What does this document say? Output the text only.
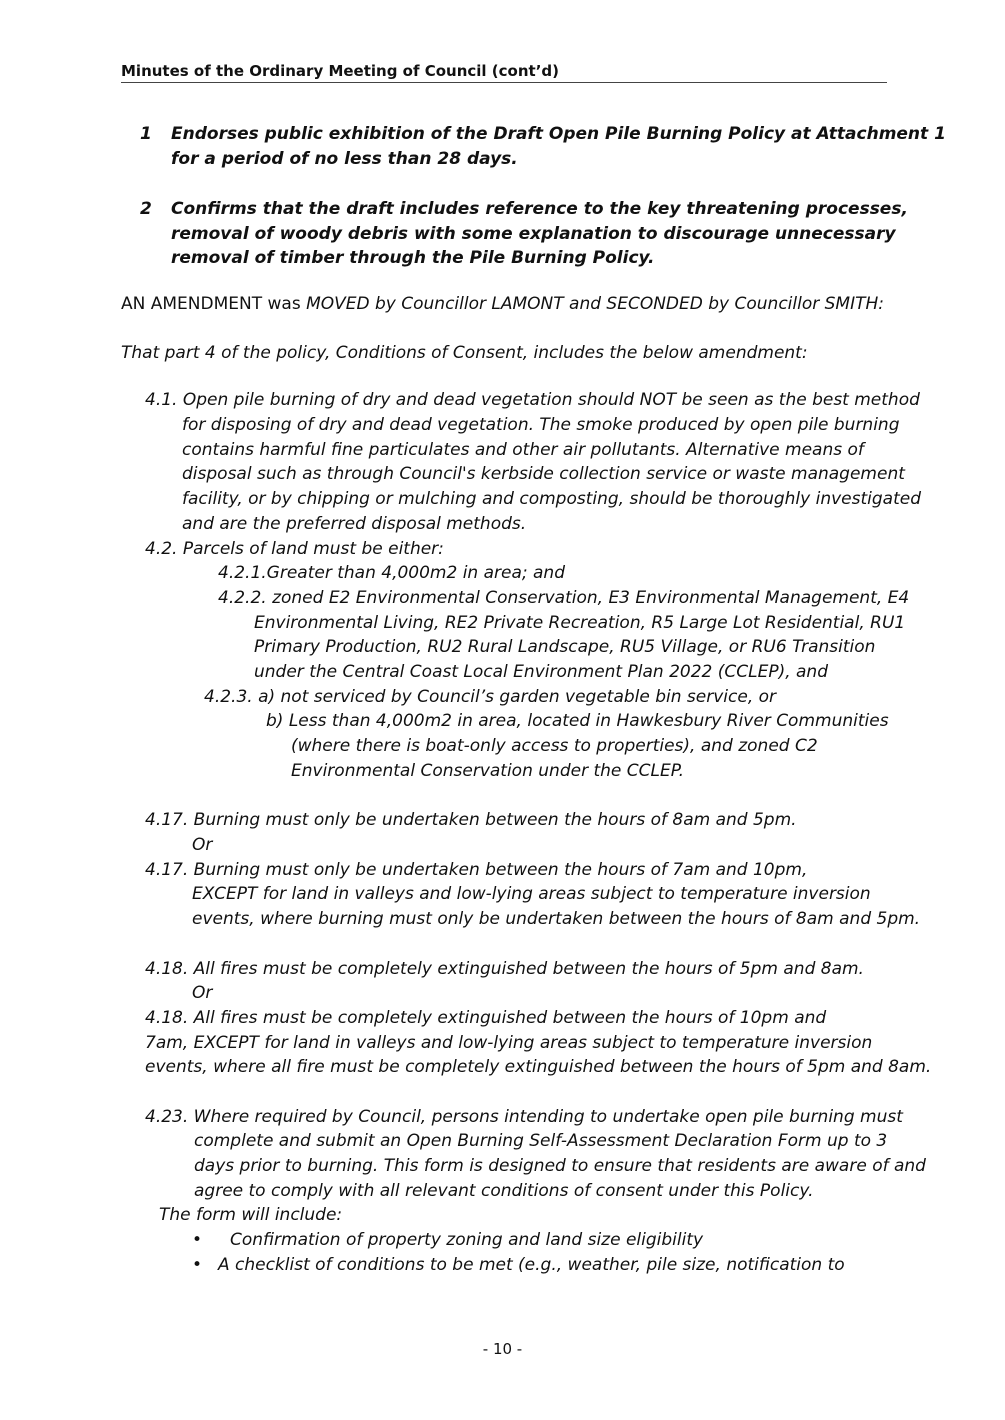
Minutes of the Ordinary Meeting of Council (cont’d)
1 Endorses public exhibition of the Draft Open Pile Burning Policy at Attachment 1
for a period of no less than 28 days.
2 Confirms that the draft includes reference to the key threatening processes,
removal of woody debris with some explanation to discourage unnecessary
removal of timber through the Pile Burning Policy.
AN AMENDMENT was MOVED by Councillor LAMONT and SECONDED by Councillor SMITH:
That part 4 of the policy, Conditions of Consent, includes the below amendment:
4.1. Open pile burning of dry and dead vegetation should NOT be seen as the best method
for disposing of dry and dead vegetation. The smoke produced by open pile burning
contains harmful fine particulates and other air pollutants. Alternative means of
disposal such as through Council's kerbside collection service or waste management
facility, or by chipping or mulching and composting, should be thoroughly investigated
and are the preferred disposal methods.
4.2. Parcels of land must be either:
4.2.1.Greater than 4,000m2 in area; and
4.2.2. zoned E2 Environmental Conservation, E3 Environmental Management, E4
Environmental Living, RE2 Private Recreation, R5 Large Lot Residential, RU1
Primary Production, RU2 Rural Landscape, RU5 Village, or RU6 Transition
under the Central Coast Local Environment Plan 2022 (CCLEP), and
4.2.3. a) not serviced by Council’s garden vegetable bin service, or
b) Less than 4,000m2 in area, located in Hawkesbury River Communities
(where there is boat-only access to properties), and zoned C2
Environmental Conservation under the CCLEP.
4.17. Burning must only be undertaken between the hours of 8am and 5pm.
Or
4.17. Burning must only be undertaken between the hours of 7am and 10pm,
EXCEPT for land in valleys and low-lying areas subject to temperature inversion
events, where burning must only be undertaken between the hours of 8am and 5pm.
4.18. All fires must be completely extinguished between the hours of 5pm and 8am.
Or
4.18. All fires must be completely extinguished between the hours of 10pm and
7am, EXCEPT for land in valleys and low-lying areas subject to temperature inversion
events, where all fire must be completely extinguished between the hours of 5pm and 8am.
4.23. Where required by Council, persons intending to undertake open pile burning must
complete and submit an Open Burning Self-Assessment Declaration Form up to 3
days prior to burning. This form is designed to ensure that residents are aware of and
agree to comply with all relevant conditions of consent under this Policy.
The form will include:
• Confirmation of property zoning and land size eligibility
• A checklist of conditions to be met (e.g., weather, pile size, notification to
- 10 -
